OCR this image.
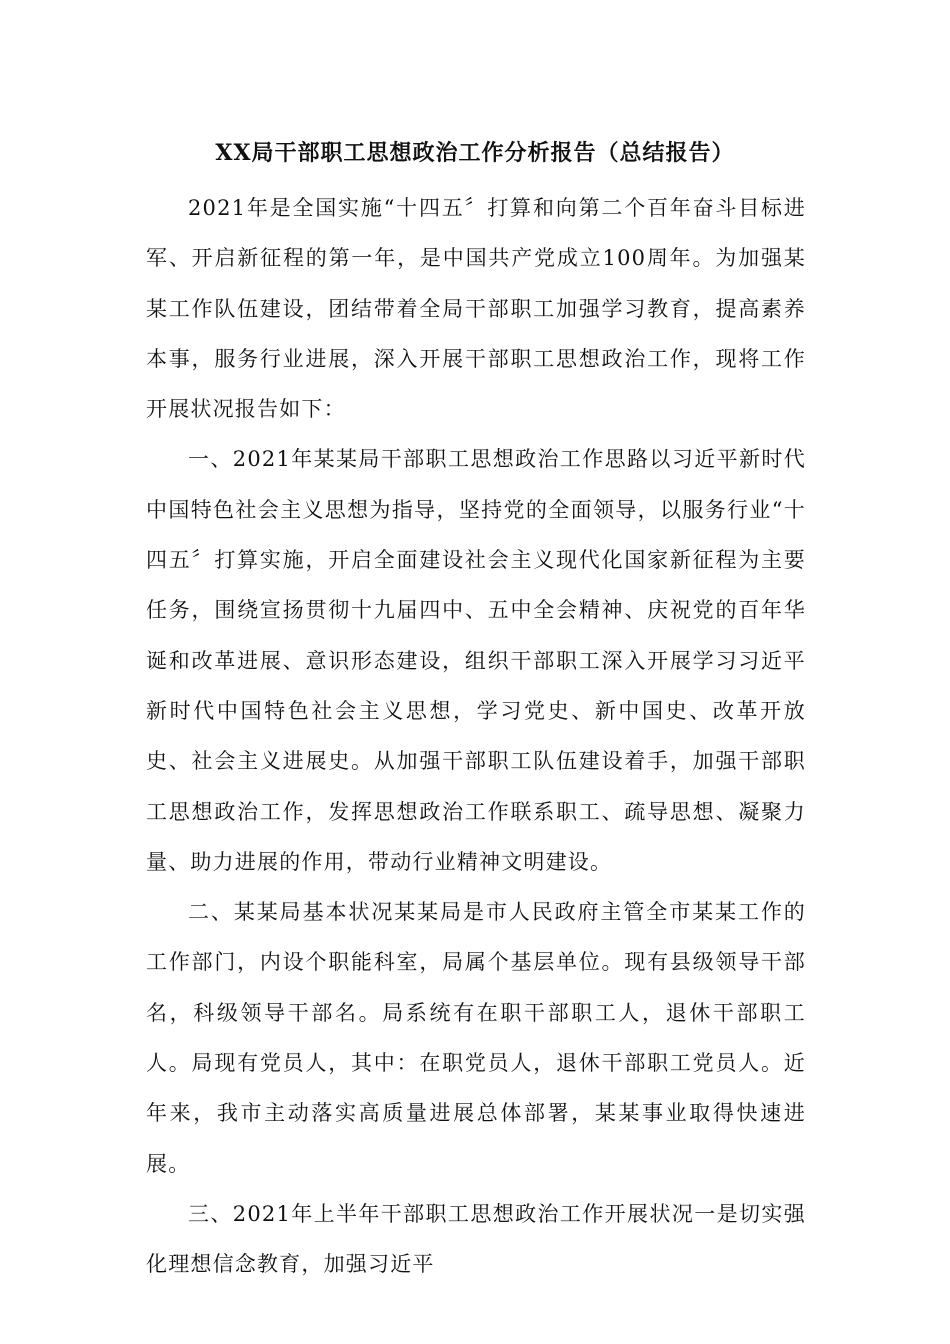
XX局干部职工思想政治工作分析报告（总结报告）

2021年是全国实施“十四五〞打算和向第二个百年奋斗目标进军、开启新征程的第一年，是中国共产党成立100周年。为加强某某工作队伍建设，团结带着全局干部职工加强学习教育，提高素养本事，服务行业进展，深入开展干部职工思想政治工作，现将工作开展状况报告如下：

一、2021年某某局干部职工思想政治工作思路以习近平新时代中国特色社会主义思想为指导，坚持党的全面领导，以服务行业“十四五〞打算实施，开启全面建设社会主义现代化国家新征程为主要任务，围绕宣扬贯彻十九届四中、五中全会精神、庆祝党的百年华诞和改革进展、意识形态建设，组织干部职工深入开展学习习近平新时代中国特色社会主义思想，学习党史、新中国史、改革开放史、社会主义进展史。从加强干部职工队伍建设着手，加强干部职工思想政治工作，发挥思想政治工作联系职工、疏导思想、凝聚力量、助力进展的作用，带动行业精神文明建设。

二、某某局基本状况某某局是市人民政府主管全市某某工作的工作部门，内设个职能科室，局属个基层单位。现有县级领导干部名，科级领导干部名。局系统有在职干部职工人，退休干部职工人。局现有党员人，其中：在职党员人，退休干部职工党员人。近年来，我市主动落实高质量进展总体部署，某某事业取得快速进展。

三、2021年上半年干部职工思想政治工作开展状况一是切实强化理想信念教育，加强习近平
